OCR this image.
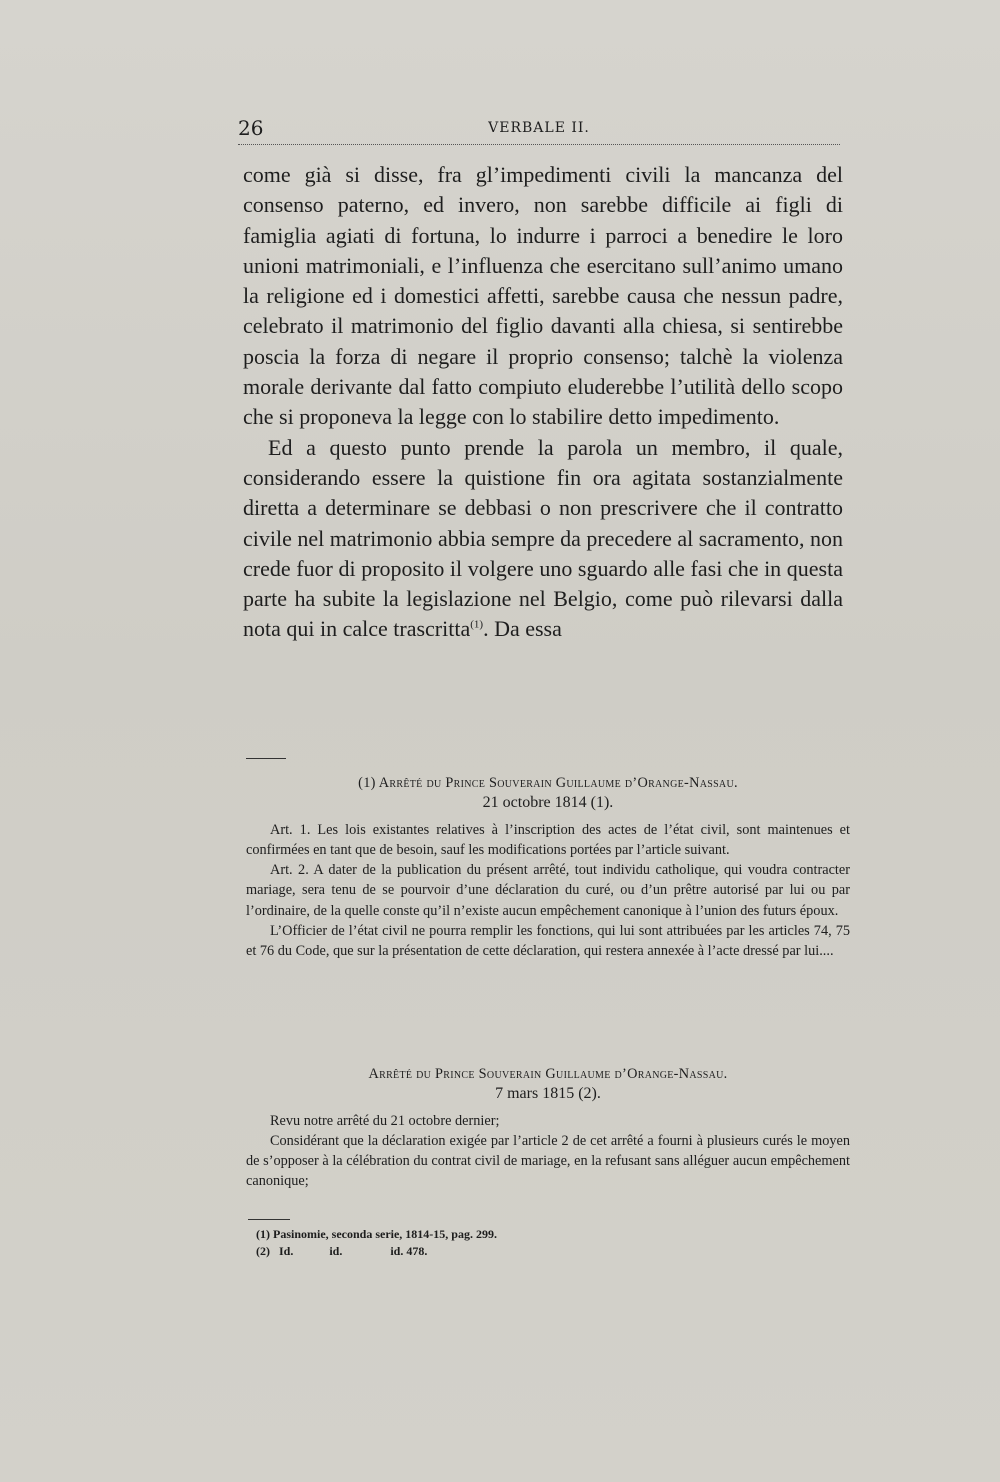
26	VERBALE II.

come già si disse, fra gl’impedimenti civili la mancanza del consenso paterno, ed invero, non sarebbe difficile ai figli di famiglia agiati di fortuna, lo indurre i parroci a benedire le loro unioni matrimoniali, e l’influenza che esercitano sull’animo umano la religione ed i domestici affetti, sarebbe causa che nessun padre, celebrato il matrimonio del figlio davanti alla chiesa, si sentirebbe poscia la forza di negare il proprio consenso; talchè la violenza morale derivante dal fatto compiuto eluderebbe l’utilità dello scopo che si proponeva la legge con lo stabilire detto impedimento.

Ed a questo punto prende la parola un membro, il quale, considerando essere la quistione fin ora agitata sostanzialmente diretta a determinare se debbasi o non prescrivere che il contratto civile nel matrimonio abbia sempre da precedere al sacramento, non crede fuor di proposito il volgere uno sguardo alle fasi che in questa parte ha subite la legislazione nel Belgio, come può rilevarsi dalla nota qui in calce trascritta$^{(1)}$. Da essa

(1) Arrêté du Prince Souverain Guillaume d’Orange-Nassau.

21 octobre 1814 (1).

Art. 1. Les lois existantes relatives à l’inscription des actes de l’état civil, sont maintenues et confirmées en tant que de besoin, sauf les modifications portées par l’article suivant.

Art. 2. A dater de la publication du présent arrêté, tout individu catholique, qui voudra contracter mariage, sera tenu de se pourvoir d’une déclaration du curé, ou d’un prêtre autorisé par lui ou par l’ordinaire, de la quelle conste qu’il n’existe aucun empêchement canonique à l’union des futurs époux.

L’Officier de l’état civil ne pourra remplir les fonctions, qui lui sont attribuées par les articles 74, 75 et 76 du Code, que sur la présentation de cette déclaration, qui restera annexée à l’acte dressé par lui....

Arrêté du Prince Souverain Guillaume d’Orange-Nassau.

7 mars 1815 (2).

Revu notre arrêté du 21 octobre dernier;

Considérant que la déclaration exigée par l’article 2 de cet arrêté a fourni à plusieurs curés le moyen de s’opposer à la célébration du contrat civil de mariage, en la refusant sans alléguer aucun empêchement canonique;

(1) Pasinomie, seconda serie, 1814-15, pag. 299.
(2)   Id.            id.                id. 478.
